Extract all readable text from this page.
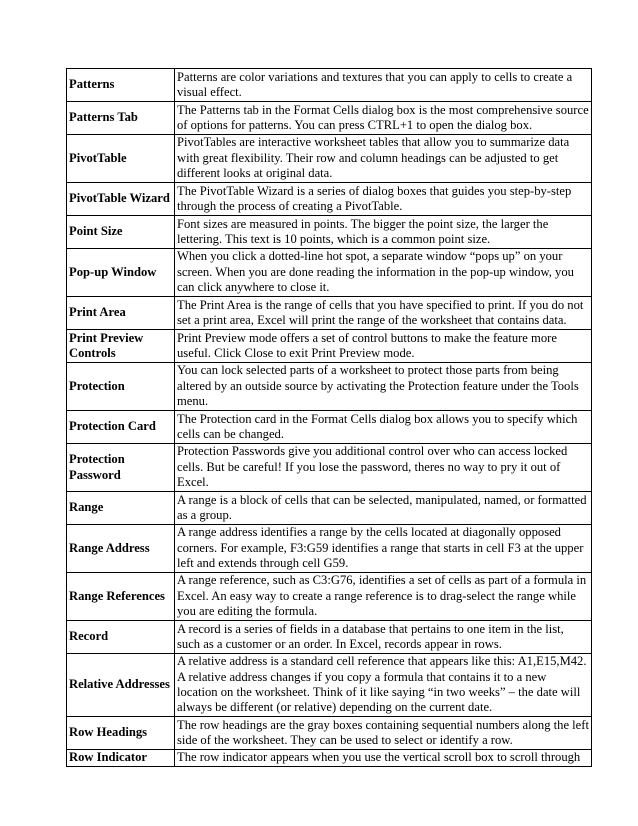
Patterns	Patterns are color variations and textures that you can apply to cells to create a visual effect.
Patterns Tab	The Patterns tab in the Format Cells dialog box is the most comprehensive source of options for patterns. You can press CTRL+1 to open the dialog box.
PivotTable	PivotTables are interactive worksheet tables that allow you to summarize data with great flexibility. Their row and column headings can be adjusted to get different looks at original data.
PivotTable Wizard	The PivotTable Wizard is a series of dialog boxes that guides you step-by-step through the process of creating a PivotTable.
Point Size	Font sizes are measured in points. The bigger the point size, the larger the lettering. This text is 10 points, which is a common point size.
Pop-up Window	When you click a dotted-line hot spot, a separate window “pops up” on your screen. When you are done reading the information in the pop-up window, you can click anywhere to close it.
Print Area	The Print Area is the range of cells that you have specified to print. If you do not set a print area, Excel will print the range of the worksheet that contains data.
Print Preview Controls	Print Preview mode offers a set of control buttons to make the feature more useful. Click Close to exit Print Preview mode.
Protection	You can lock selected parts of a worksheet to protect those parts from being altered by an outside source by activating the Protection feature under the Tools menu.
Protection Card	The Protection card in the Format Cells dialog box allows you to specify which cells can be changed.
Protection Password	Protection Passwords give you additional control over who can access locked cells. But be careful! If you lose the password, theres no way to pry it out of Excel.
Range	A range is a block of cells that can be selected, manipulated, named, or formatted as a group.
Range Address	A range address identifies a range by the cells located at diagonally opposed corners. For example, F3:G59 identifies a range that starts in cell F3 at the upper left and extends through cell G59.
Range References	A range reference, such as C3:G76, identifies a set of cells as part of a formula in Excel. An easy way to create a range reference is to drag-select the range while you are editing the formula.
Record	A record is a series of fields in a database that pertains to one item in the list, such as a customer or an order. In Excel, records appear in rows.
Relative Addresses	A relative address is a standard cell reference that appears like this: A1,E15,M42. A relative address changes if you copy a formula that contains it to a new location on the worksheet. Think of it like saying “in two weeks” – the date will always be different (or relative) depending on the current date.
Row Headings	The row headings are the gray boxes containing sequential numbers along the left side of the worksheet. They can be used to select or identify a row.
Row Indicator	The row indicator appears when you use the vertical scroll box to scroll through
